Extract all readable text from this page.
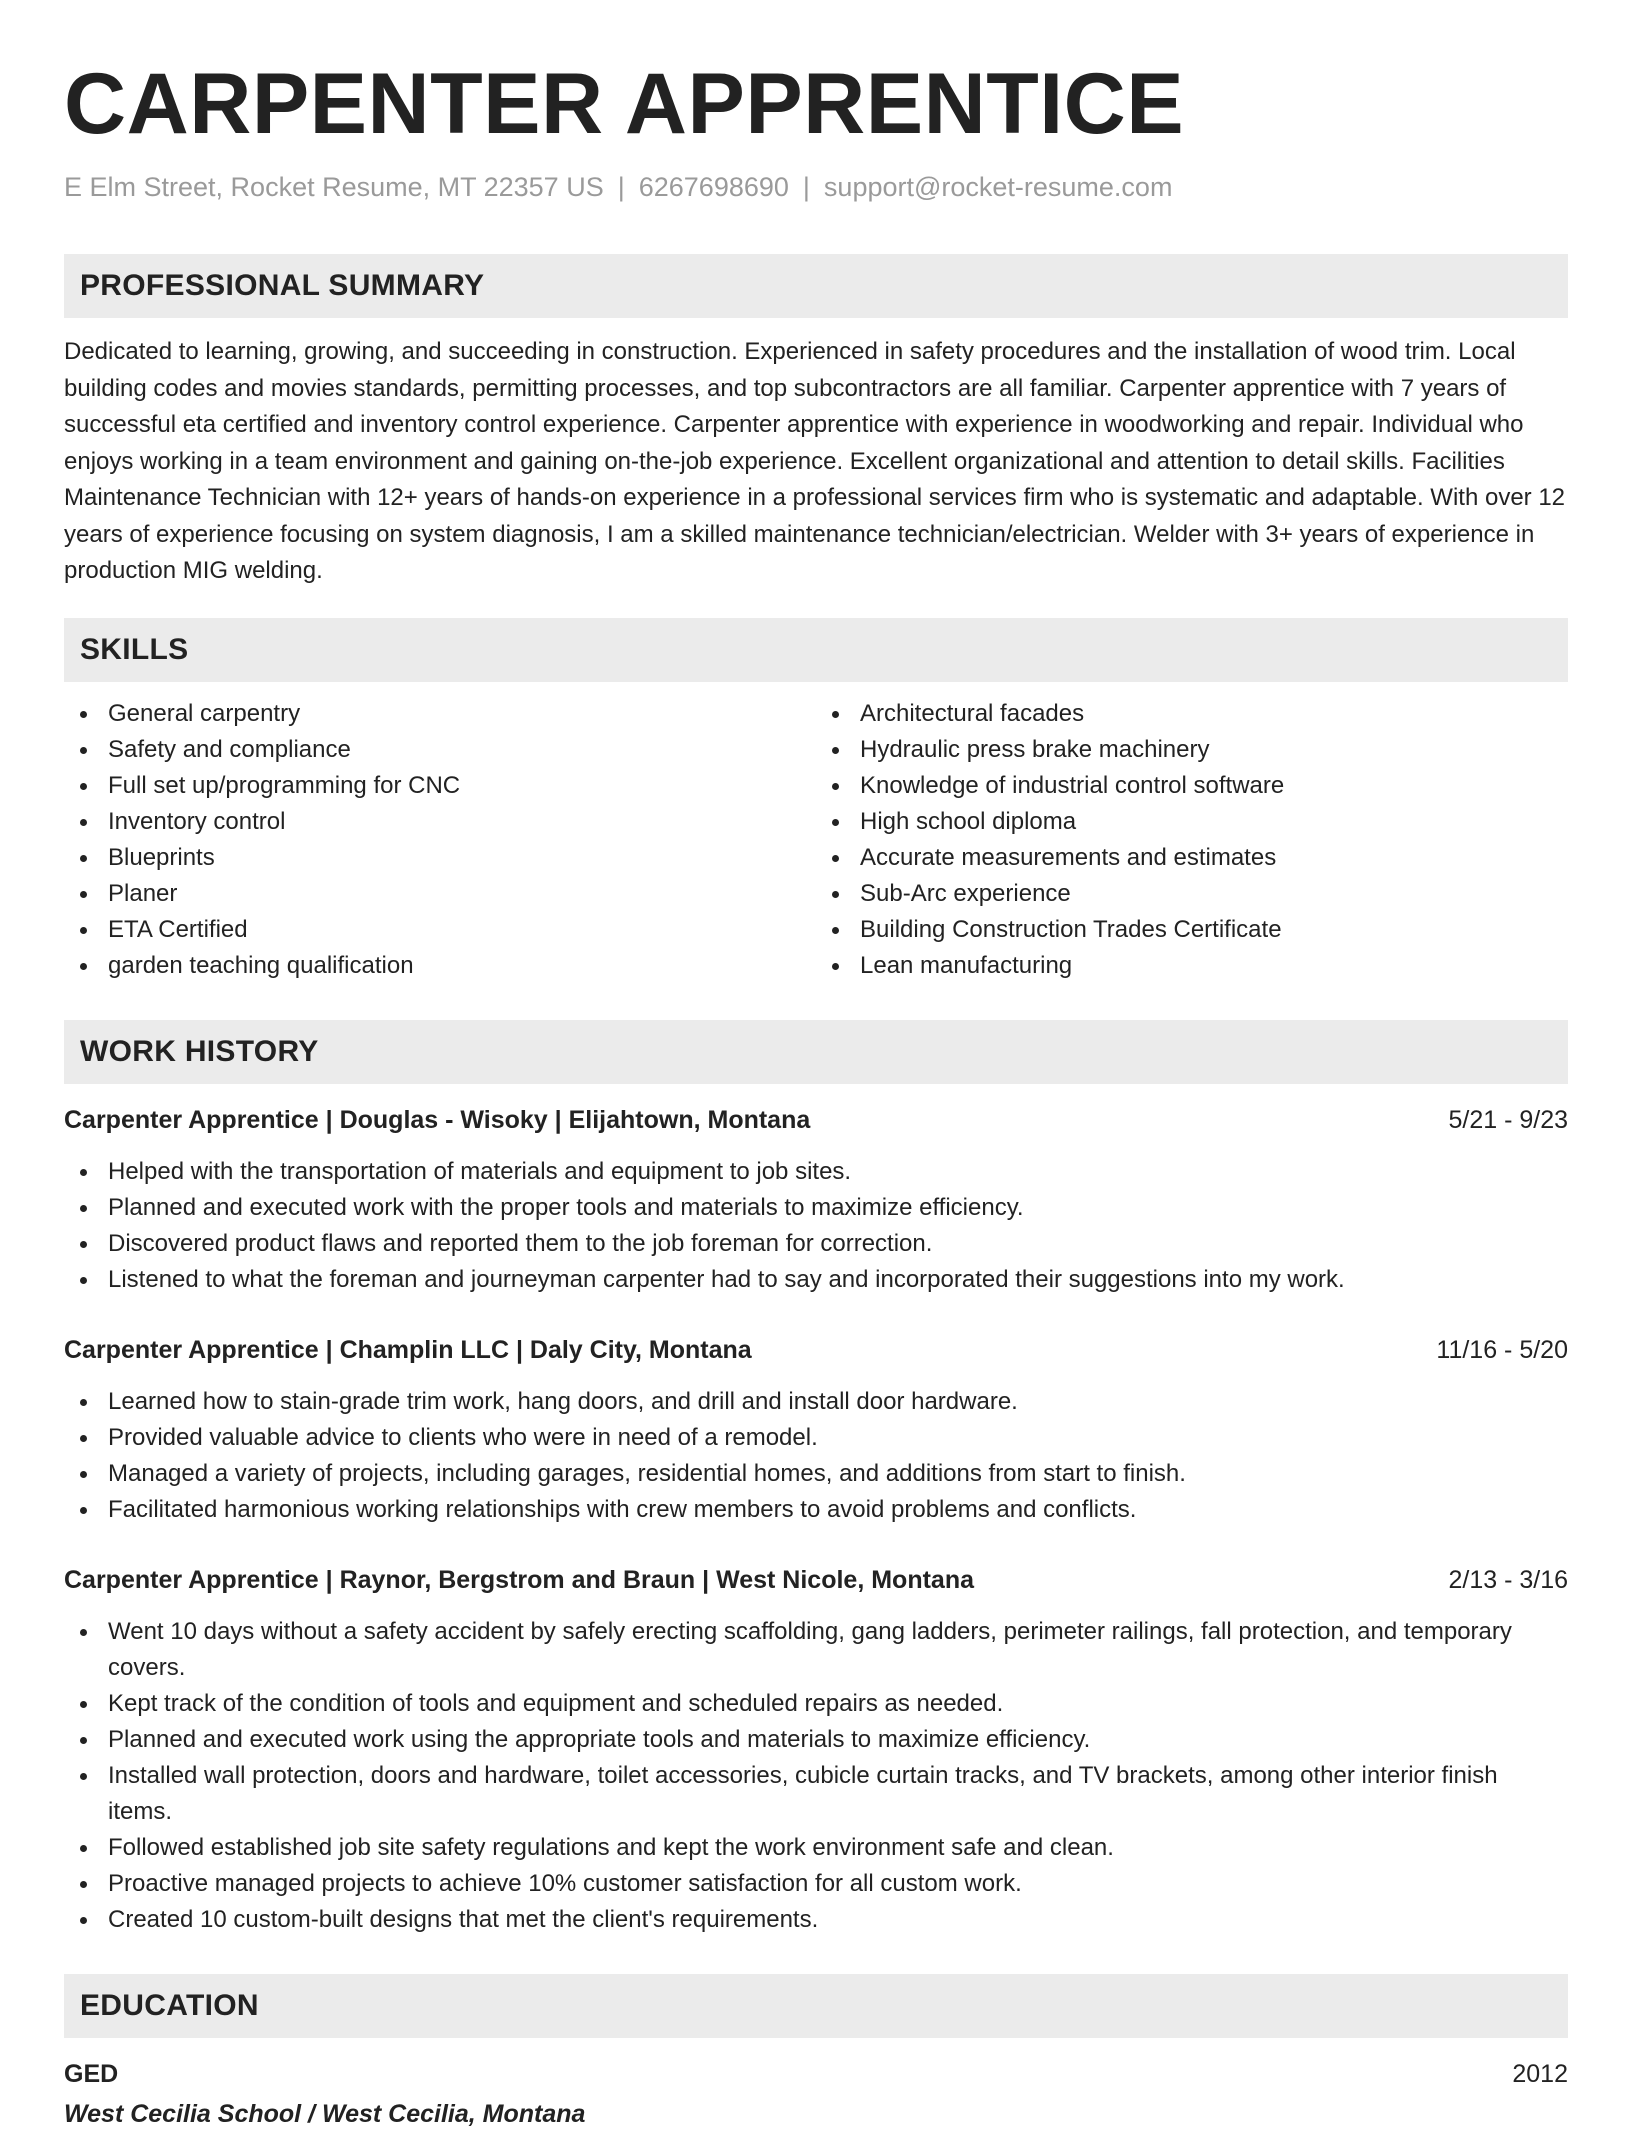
CARPENTER APPRENTICE
E Elm Street, Rocket Resume, MT 22357 US | 6267698690 | support@rocket-resume.com
PROFESSIONAL SUMMARY
Dedicated to learning, growing, and succeeding in construction. Experienced in safety procedures and the installation of wood trim. Local building codes and movies standards, permitting processes, and top subcontractors are all familiar. Carpenter apprentice with 7 years of successful eta certified and inventory control experience. Carpenter apprentice with experience in woodworking and repair. Individual who enjoys working in a team environment and gaining on-the-job experience. Excellent organizational and attention to detail skills. Facilities Maintenance Technician with 12+ years of hands-on experience in a professional services firm who is systematic and adaptable. With over 12 years of experience focusing on system diagnosis, I am a skilled maintenance technician/electrician. Welder with 3+ years of experience in production MIG welding.
SKILLS
General carpentry
Safety and compliance
Full set up/programming for CNC
Inventory control
Blueprints
Planer
ETA Certified
garden teaching qualification
Architectural facades
Hydraulic press brake machinery
Knowledge of industrial control software
High school diploma
Accurate measurements and estimates
Sub-Arc experience
Building Construction Trades Certificate
Lean manufacturing
WORK HISTORY
Carpenter Apprentice | Douglas - Wisoky | Elijahtown, Montana	5/21 - 9/23
Helped with the transportation of materials and equipment to job sites.
Planned and executed work with the proper tools and materials to maximize efficiency.
Discovered product flaws and reported them to the job foreman for correction.
Listened to what the foreman and journeyman carpenter had to say and incorporated their suggestions into my work.
Carpenter Apprentice | Champlin LLC | Daly City, Montana	11/16 - 5/20
Learned how to stain-grade trim work, hang doors, and drill and install door hardware.
Provided valuable advice to clients who were in need of a remodel.
Managed a variety of projects, including garages, residential homes, and additions from start to finish.
Facilitated harmonious working relationships with crew members to avoid problems and conflicts.
Carpenter Apprentice | Raynor, Bergstrom and Braun | West Nicole, Montana	2/13 - 3/16
Went 10 days without a safety accident by safely erecting scaffolding, gang ladders, perimeter railings, fall protection, and temporary covers.
Kept track of the condition of tools and equipment and scheduled repairs as needed.
Planned and executed work using the appropriate tools and materials to maximize efficiency.
Installed wall protection, doors and hardware, toilet accessories, cubicle curtain tracks, and TV brackets, among other interior finish items.
Followed established job site safety regulations and kept the work environment safe and clean.
Proactive managed projects to achieve 10% customer satisfaction for all custom work.
Created 10 custom-built designs that met the client's requirements.
EDUCATION
GED	2012
West Cecilia School / West Cecilia, Montana
